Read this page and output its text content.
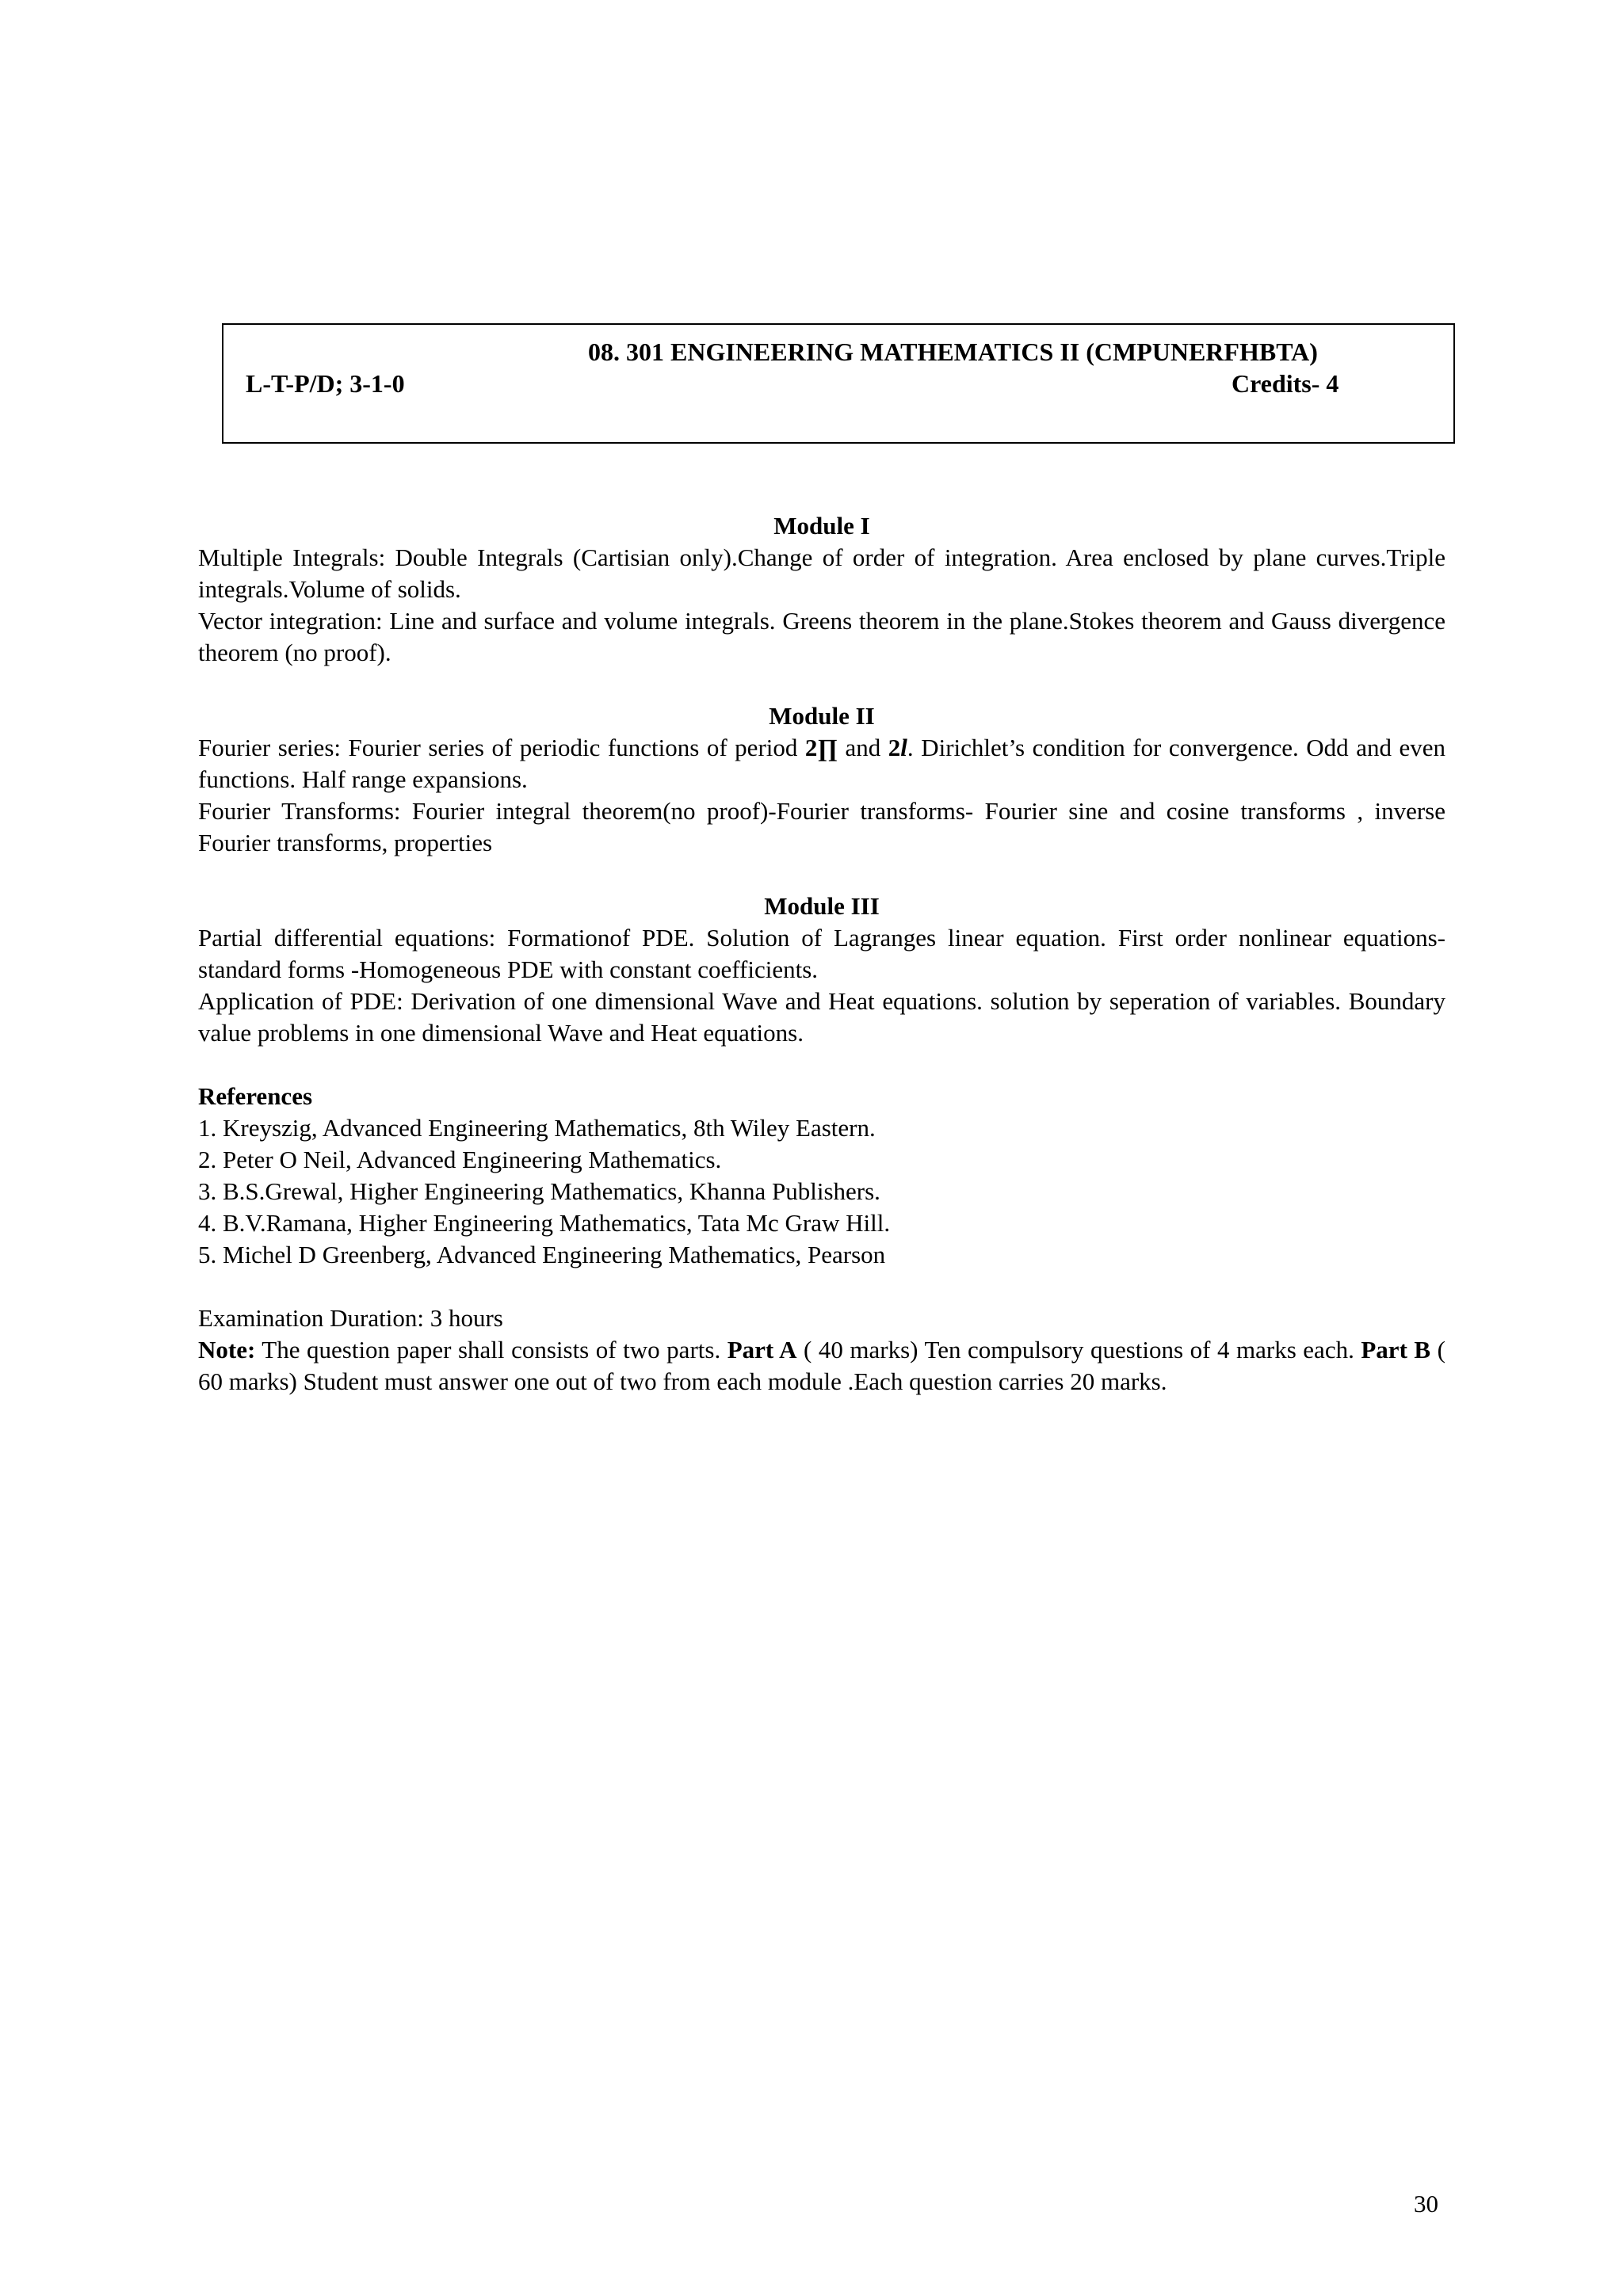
08. 301 ENGINEERING MATHEMATICS II (CMPUNERFHBTA)
L-T-P/D; 3-1-0	Credits- 4

Module I

Multiple Integrals: Double Integrals (Cartisian only).Change of order of integration. Area enclosed by plane curves.Triple integrals.Volume of solids.

Vector integration: Line and surface and volume integrals. Greens theorem in the plane.Stokes theorem and Gauss divergence theorem (no proof).

Module II

Fourier series: Fourier series of periodic functions of period 2∏ and 2l. Dirichlet’s condition for convergence. Odd and even functions. Half range expansions.

Fourier Transforms: Fourier integral theorem(no proof)-Fourier transforms- Fourier sine and cosine transforms , inverse Fourier transforms, properties

Module III

Partial differential equations: Formationof PDE. Solution of Lagranges linear equation. First order nonlinear equations-standard forms -Homogeneous PDE with constant coefficients.

Application of PDE: Derivation of one dimensional Wave and Heat equations. solution by seperation of variables. Boundary value problems in one dimensional Wave and Heat equations.

References

1. Kreyszig, Advanced Engineering Mathematics, 8th Wiley Eastern.
2. Peter O Neil, Advanced Engineering Mathematics.
3. B.S.Grewal, Higher Engineering Mathematics, Khanna Publishers.
4. B.V.Ramana, Higher Engineering Mathematics, Tata Mc Graw Hill.
5. Michel D Greenberg, Advanced Engineering Mathematics, Pearson

Examination Duration: 3 hours

Note: The question paper shall consists of two parts. Part A ( 40 marks) Ten compulsory questions of 4 marks each. Part B ( 60 marks) Student must answer one out of two from each module .Each question carries 20 marks.

30
